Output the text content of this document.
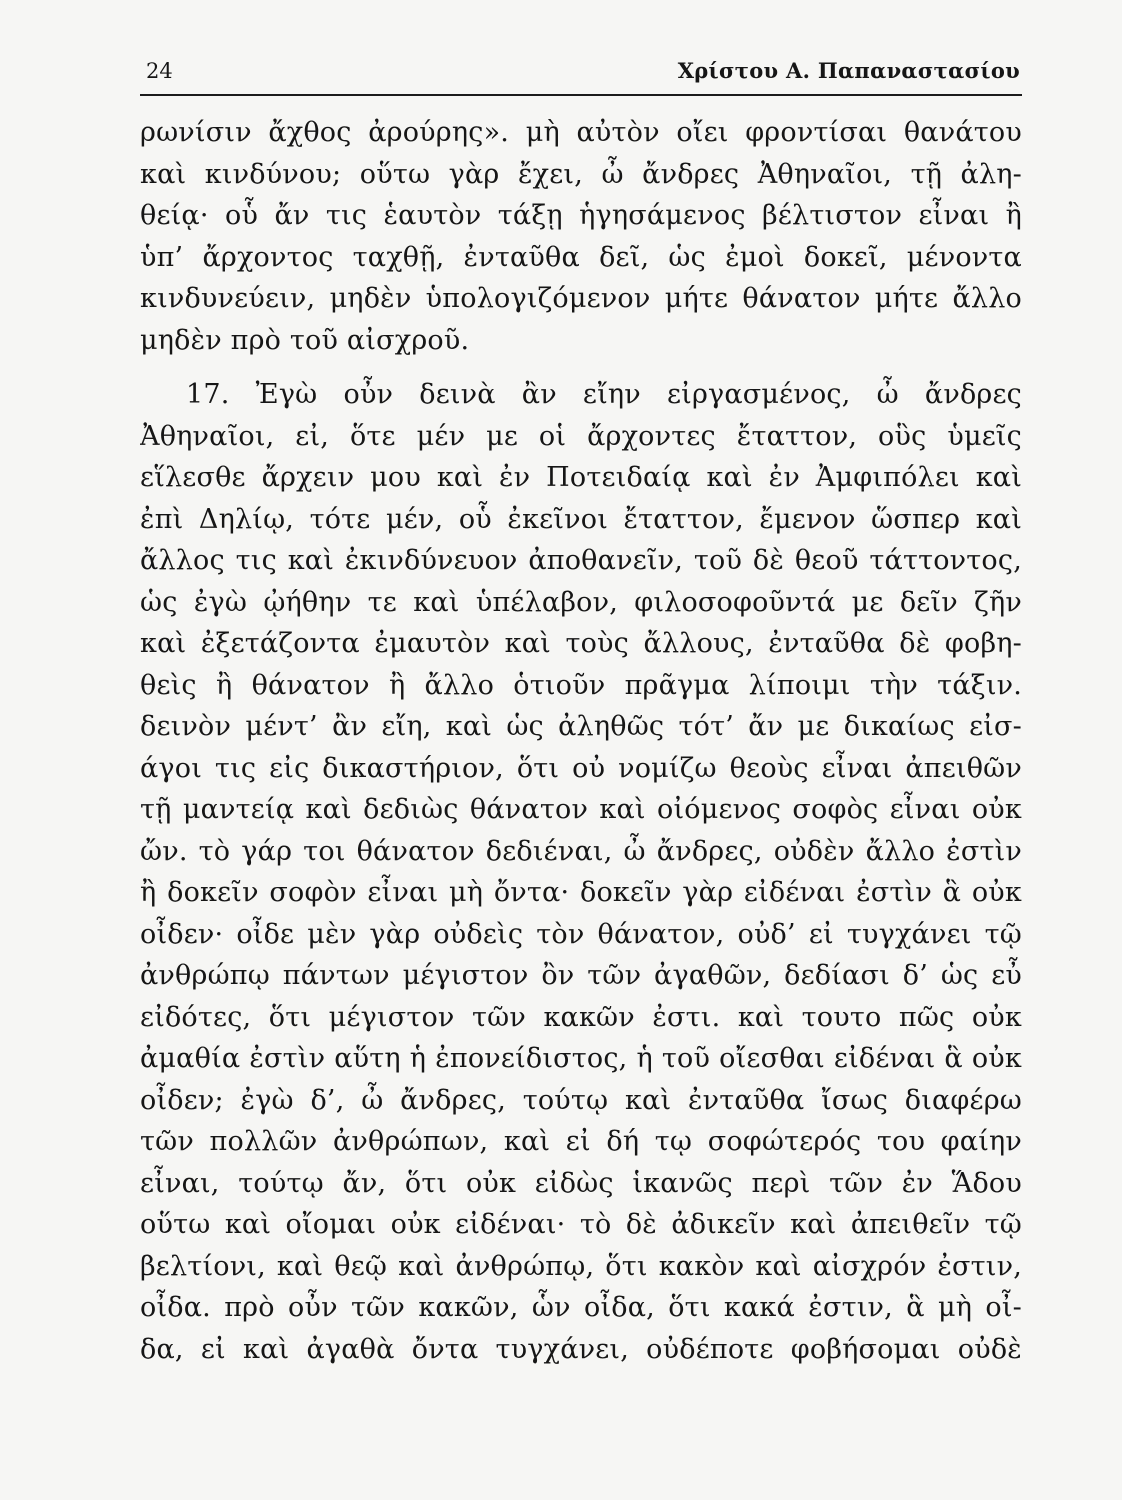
24	Χρίστου Α. Παπαναστασίου
ρωνίσιν ἄχθος ἀρούρης». μὴ αὐτὸν οἴει φροντίσαι θανάτου
καὶ κινδύνου; οὕτω γὰρ ἔχει, ὦ ἄνδρες Ἀθηναῖοι, τῇ ἀλη-
θείᾳ· οὗ ἄν τις ἑαυτὸν τάξῃ ἡγησάμενος βέλτιστον εἶναι ἢ
ὑπ’ ἄρχοντος ταχθῇ, ἐνταῦθα δεῖ, ὡς ἐμοὶ δοκεῖ, μένοντα
κινδυνεύειν, μηδὲν ὑπολογιζόμενον μήτε θάνατον μήτε ἄλλο
μηδὲν πρὸ τοῦ αἰσχροῦ.
17. Ἐγὼ οὖν δεινὰ ἂν εἴην εἰργασμένος, ὦ ἄνδρες
Ἀθηναῖοι, εἰ, ὅτε μέν με οἱ ἄρχοντες ἔταττον, οὓς ὑμεῖς
εἵλεσθε ἄρχειν μου καὶ ἐν Ποτειδαίᾳ καὶ ἐν Ἀμφιπόλει καὶ
ἐπὶ Δηλίῳ, τότε μέν, οὗ ἐκεῖνοι ἔταττον, ἔμενον ὥσπερ καὶ
ἄλλος τις καὶ ἐκινδύνευον ἀποθανεῖν, τοῦ δὲ θεοῦ τάττοντος,
ὡς ἐγὼ ᾠήθην τε καὶ ὑπέλαβον, φιλοσοφοῦντά με δεῖν ζῆν
καὶ ἐξετάζοντα ἐμαυτὸν καὶ τοὺς ἄλλους, ἐνταῦθα δὲ φοβη-
θεὶς ἢ θάνατον ἢ ἄλλο ὁτιοῦν πρᾶγμα λίποιμι τὴν τάξιν.
δεινὸν μέντ’ ἂν εἴη, καὶ ὡς ἀληθῶς τότ’ ἄν με δικαίως εἰσ-
άγοι τις εἰς δικαστήριον, ὅτι οὐ νομίζω θεοὺς εἶναι ἀπειθῶν
τῇ μαντείᾳ καὶ δεδιὼς θάνατον καὶ οἰόμενος σοφὸς εἶναι οὐκ
ὤν. τὸ γάρ τοι θάνατον δεδιέναι, ὦ ἄνδρες, οὐδὲν ἄλλο ἐστὶν
ἢ δοκεῖν σοφὸν εἶναι μὴ ὄντα· δοκεῖν γὰρ εἰδέναι ἐστὶν ἃ οὐκ
οἶδεν· οἶδε μὲν γὰρ οὐδεὶς τὸν θάνατον, οὐδ’ εἰ τυγχάνει τῷ
ἀνθρώπῳ πάντων μέγιστον ὂν τῶν ἀγαθῶν, δεδίασι δ’ ὡς εὖ
εἰδότες, ὅτι μέγιστον τῶν κακῶν ἐστι. καὶ τουτο πῶς οὐκ
ἀμαθία ἐστὶν αὕτη ἡ ἐπονείδιστος, ἡ τοῦ οἴεσθαι εἰδέναι ἃ οὐκ
οἶδεν; ἐγὼ δ’, ὦ ἄνδρες, τούτῳ καὶ ἐνταῦθα ἴσως διαφέρω
τῶν πολλῶν ἀνθρώπων, καὶ εἰ δή τῳ σοφώτερός του φαίην
εἶναι, τούτῳ ἄν, ὅτι οὐκ εἰδὼς ἱκανῶς περὶ τῶν ἐν Ἅδου
οὕτω καὶ οἴομαι οὐκ εἰδέναι· τὸ δὲ ἀδικεῖν καὶ ἀπειθεῖν τῷ
βελτίονι, καὶ θεῷ καὶ ἀνθρώπῳ, ὅτι κακὸν καὶ αἰσχρόν ἐστιν,
οἶδα. πρὸ οὖν τῶν κακῶν, ὧν οἶδα, ὅτι κακά ἐστιν, ἃ μὴ οἶ-
δα, εἰ καὶ ἀγαθὰ ὄντα τυγχάνει, οὐδέποτε φοβήσομαι οὐδὲ
